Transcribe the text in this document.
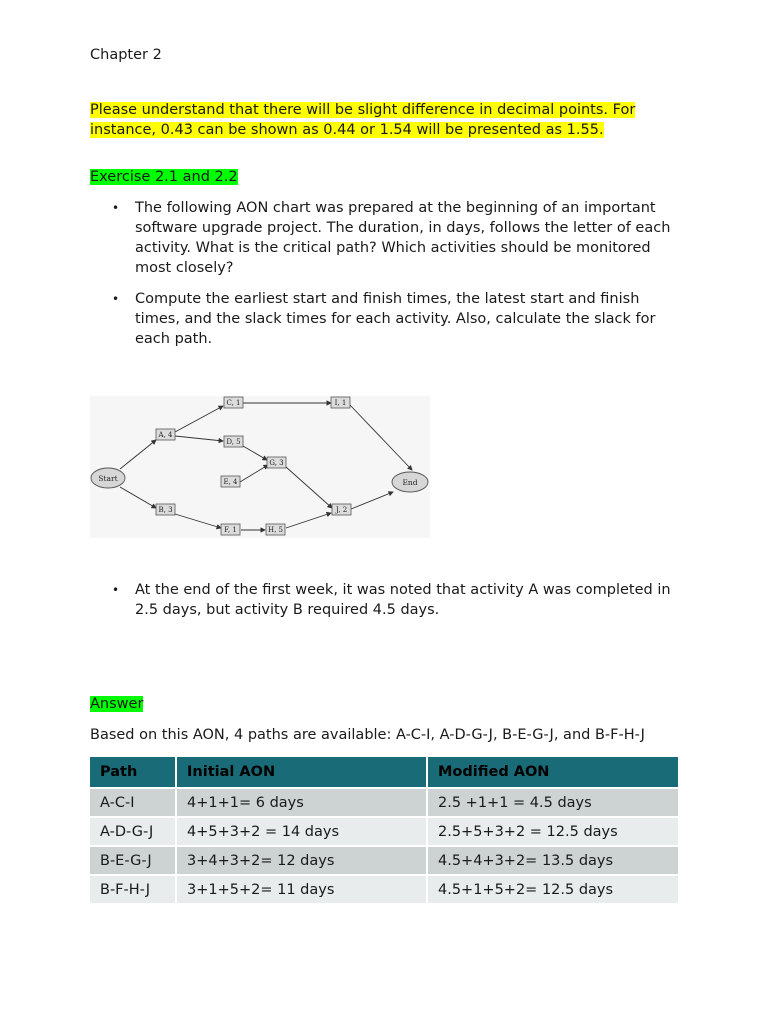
Chapter 2
Please understand that there will be slight difference in decimal points. For instance, 0.43 can be shown as 0.44 or 1.54 will be presented as 1.55.
Exercise 2.1 and 2.2
• The following AON chart was prepared at the beginning of an important software upgrade project. The duration, in days, follows the letter of each activity. What is the critical path? Which activities should be monitored most closely?
• Compute the earliest start and finish times, the latest start and finish times, and the slack times for each activity. Also, calculate the slack for each path.
Start	End
A, 4
B, 3
C, 1
D, 5
E, 4
F, 1
G, 3
H, 5
I, 1
J, 2
• At the end of the first week, it was noted that activity A was completed in 2.5 days, but activity B required 4.5 days.
Answer
Based on this AON, 4 paths are available: A-C-I, A-D-G-J, B-E-G-J, and B-F-H-J
Path	Initial AON	Modified AON
A-C-I	4+1+1= 6 days	2.5 +1+1 = 4.5 days
A-D-G-J	4+5+3+2 = 14 days	2.5+5+3+2 = 12.5 days
B-E-G-J	3+4+3+2= 12 days	4.5+4+3+2= 13.5 days
B-F-H-J	3+1+5+2= 11 days	4.5+1+5+2= 12.5 days
